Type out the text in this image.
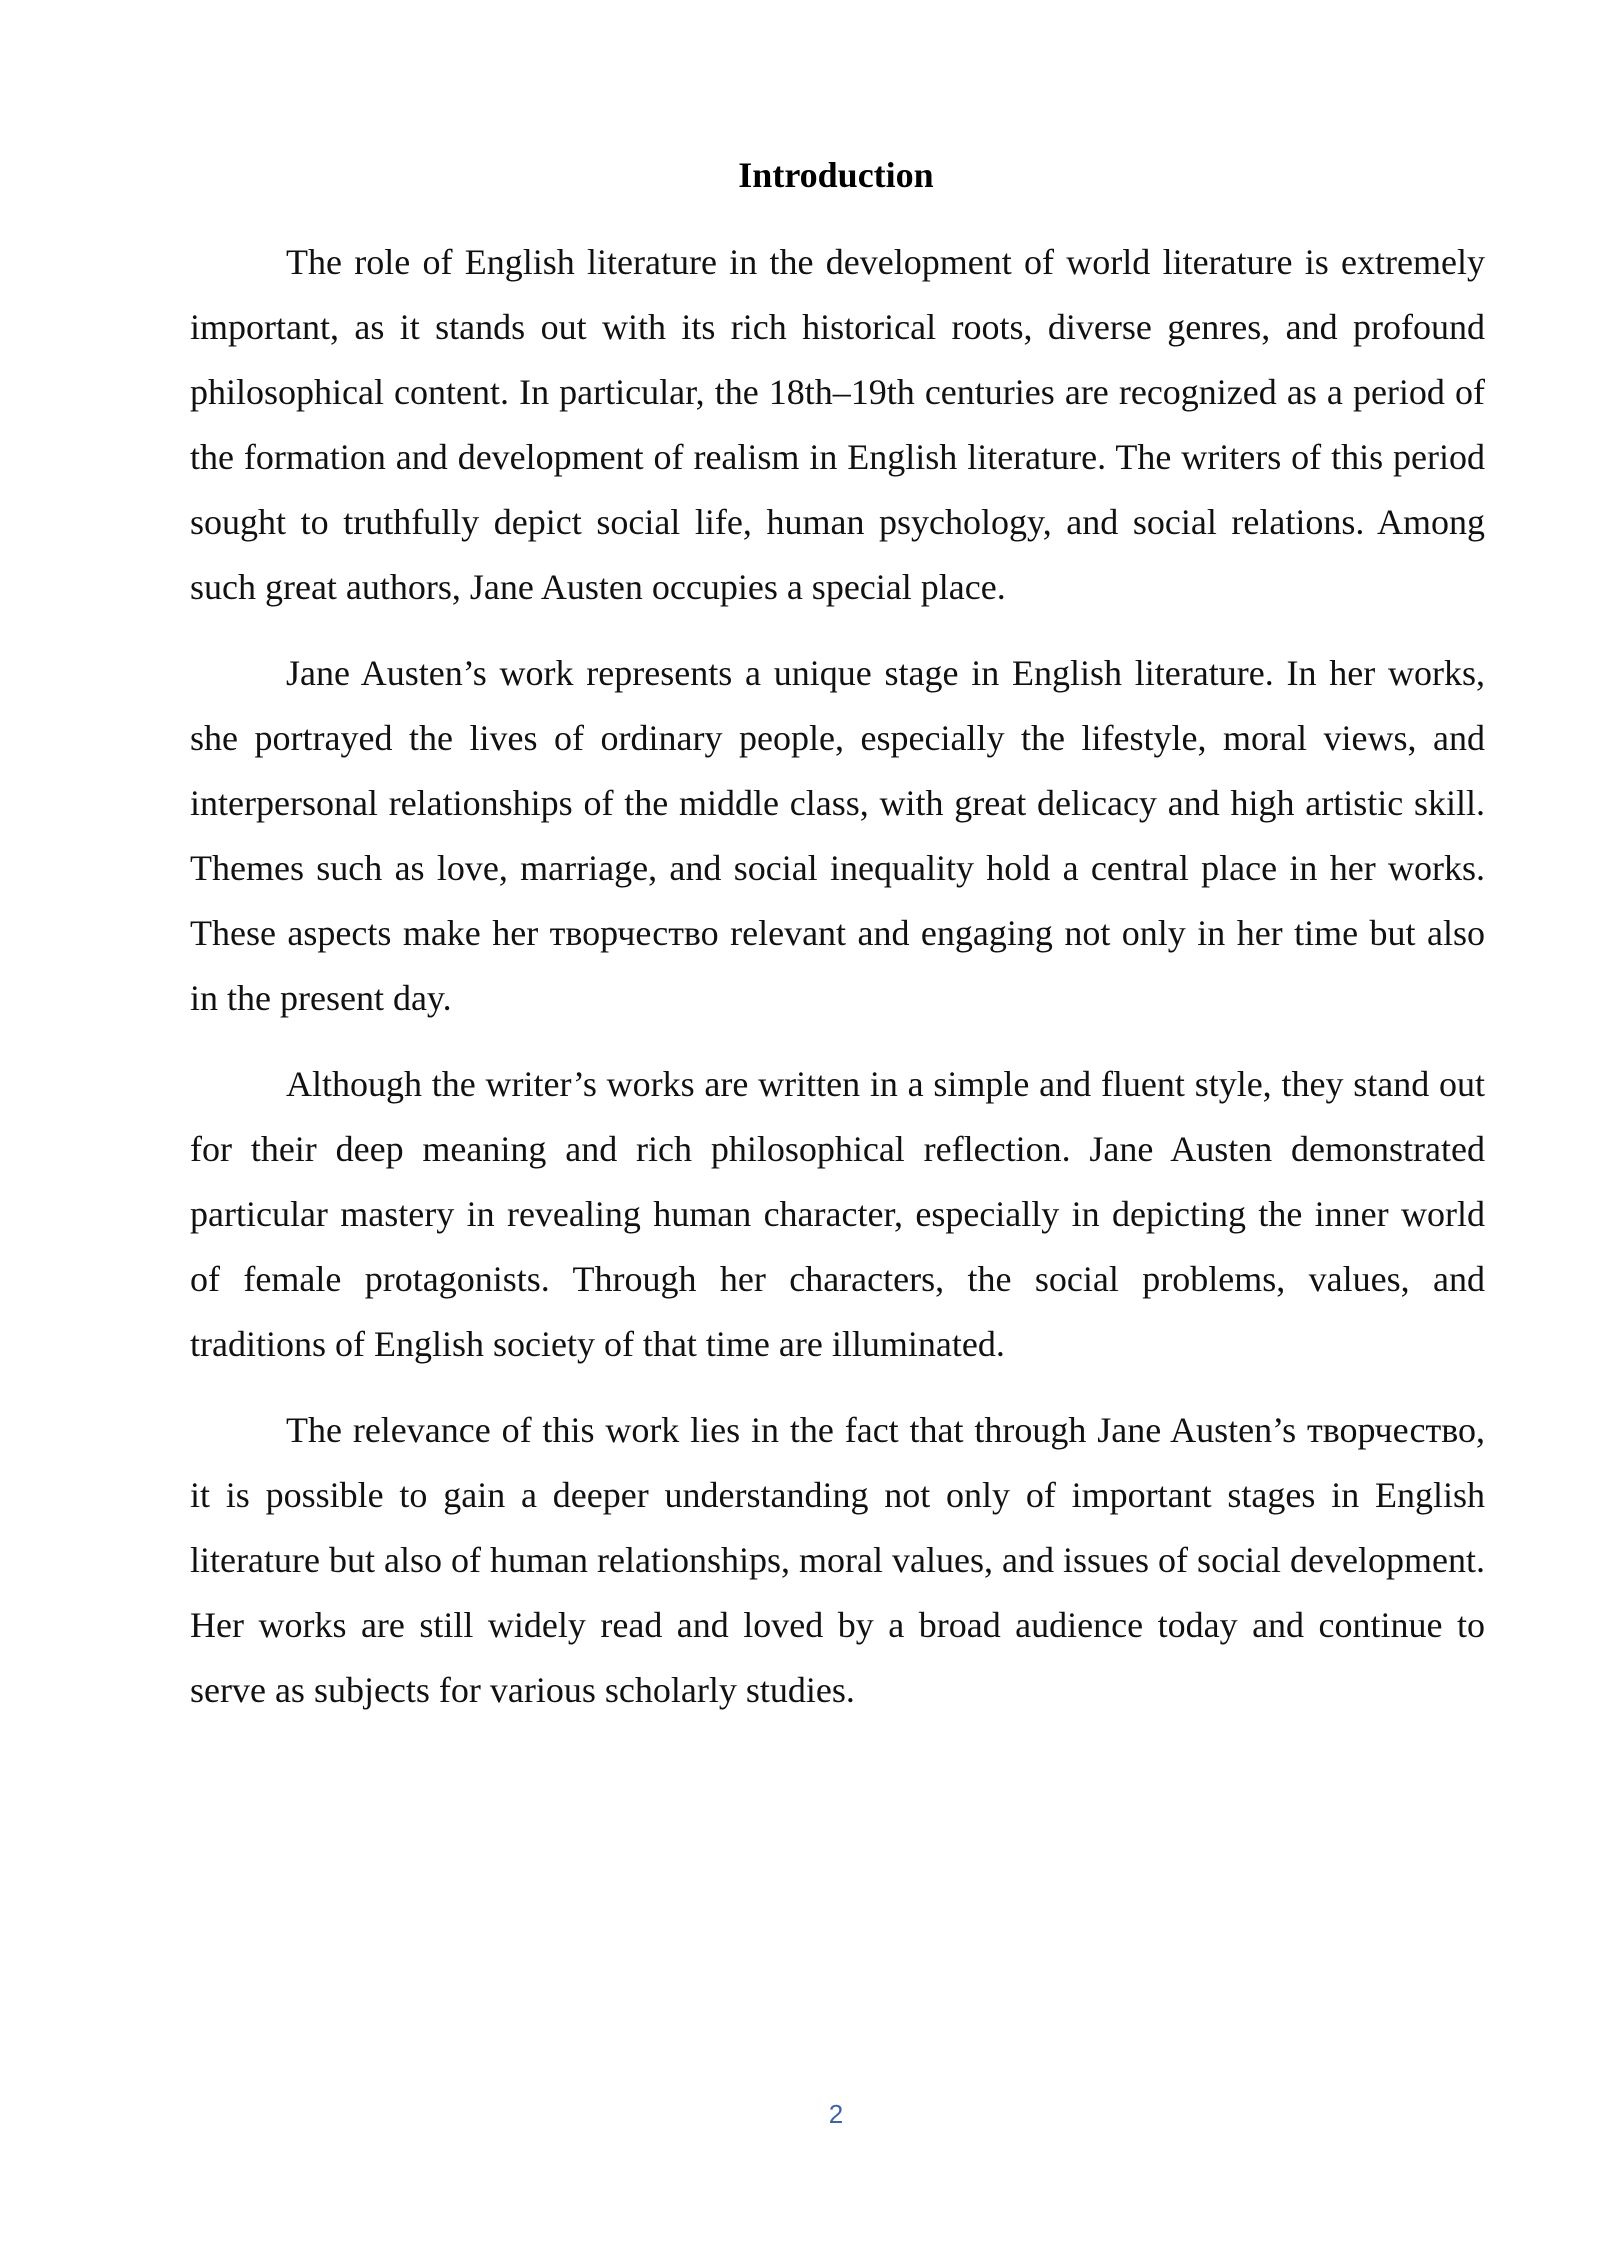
Introduction

The role of English literature in the development of world literature is extremely important, as it stands out with its rich historical roots, diverse genres, and profound philosophical content. In particular, the 18th–19th centuries are recognized as a period of the formation and development of realism in English literature. The writers of this period sought to truthfully depict social life, human psychology, and social relations. Among such great authors, Jane Austen occupies a special place.

Jane Austen’s work represents a unique stage in English literature. In her works, she portrayed the lives of ordinary people, especially the lifestyle, moral views, and interpersonal relationships of the middle class, with great delicacy and high artistic skill. Themes such as love, marriage, and social inequality hold a central place in her works. These aspects make her творчество relevant and engaging not only in her time but also in the present day.

Although the writer’s works are written in a simple and fluent style, they stand out for their deep meaning and rich philosophical reflection. Jane Austen demonstrated particular mastery in revealing human character, especially in depicting the inner world of female protagonists. Through her characters, the social problems, values, and traditions of English society of that time are illuminated.

The relevance of this work lies in the fact that through Jane Austen’s творчество, it is possible to gain a deeper understanding not only of important stages in English literature but also of human relationships, moral values, and issues of social development. Her works are still widely read and loved by a broad audience today and continue to serve as subjects for various scholarly studies.

2
